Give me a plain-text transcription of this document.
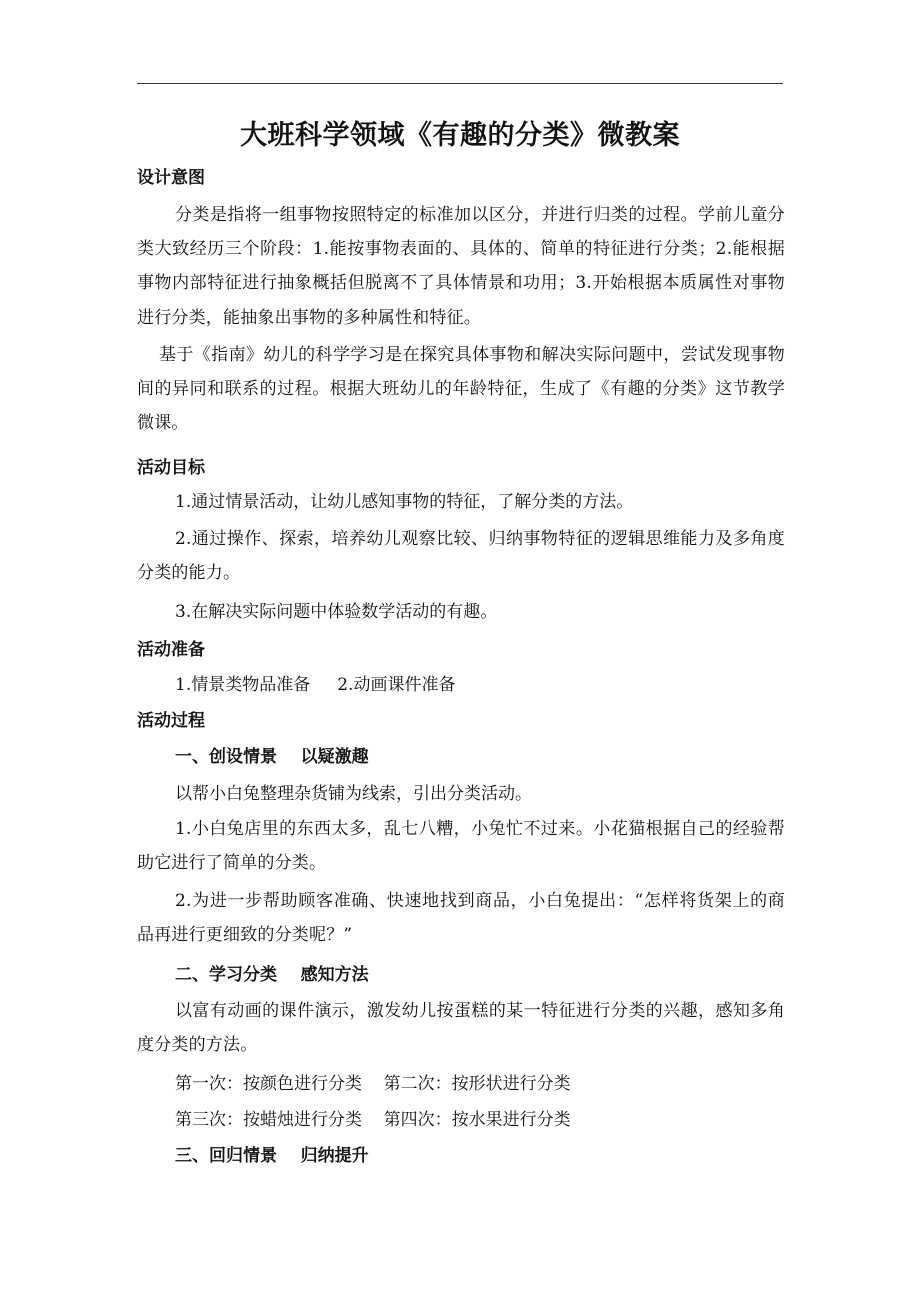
大班科学领域《有趣的分类》微教案
设计意图
分类是指将一组事物按照特定的标准加以区分，并进行归类的过程。学前儿童分类大致经历三个阶段：1.能按事物表面的、具体的、简单的特征进行分类；2.能根据事物内部特征进行抽象概括但脱离不了具体情景和功用；3.开始根据本质属性对事物进行分类，能抽象出事物的多种属性和特征。
基于《指南》幼儿的科学学习是在探究具体事物和解决实际问题中，尝试发现事物间的异同和联系的过程。根据大班幼儿的年龄特征，生成了《有趣的分类》这节教学微课。
活动目标
1.通过情景活动，让幼儿感知事物的特征，了解分类的方法。
2.通过操作、探索，培养幼儿观察比较、归纳事物特征的逻辑思维能力及多角度分类的能力。
3.在解决实际问题中体验数学活动的有趣。
活动准备
1.情景类物品准备     2.动画课件准备
活动过程
一、创设情景    以疑激趣
以帮小白兔整理杂货铺为线索，引出分类活动。
1.小白兔店里的东西太多，乱七八糟，小兔忙不过来。小花猫根据自己的经验帮助它进行了简单的分类。
2.为进一步帮助顾客准确、快速地找到商品，小白兔提出：“怎样将货架上的商品再进行更细致的分类呢？”
二、学习分类    感知方法
以富有动画的课件演示，激发幼儿按蛋糕的某一特征进行分类的兴趣，感知多角度分类的方法。
第一次：按颜色进行分类    第二次：按形状进行分类
第三次：按蜡烛进行分类    第四次：按水果进行分类
三、回归情景    归纳提升
